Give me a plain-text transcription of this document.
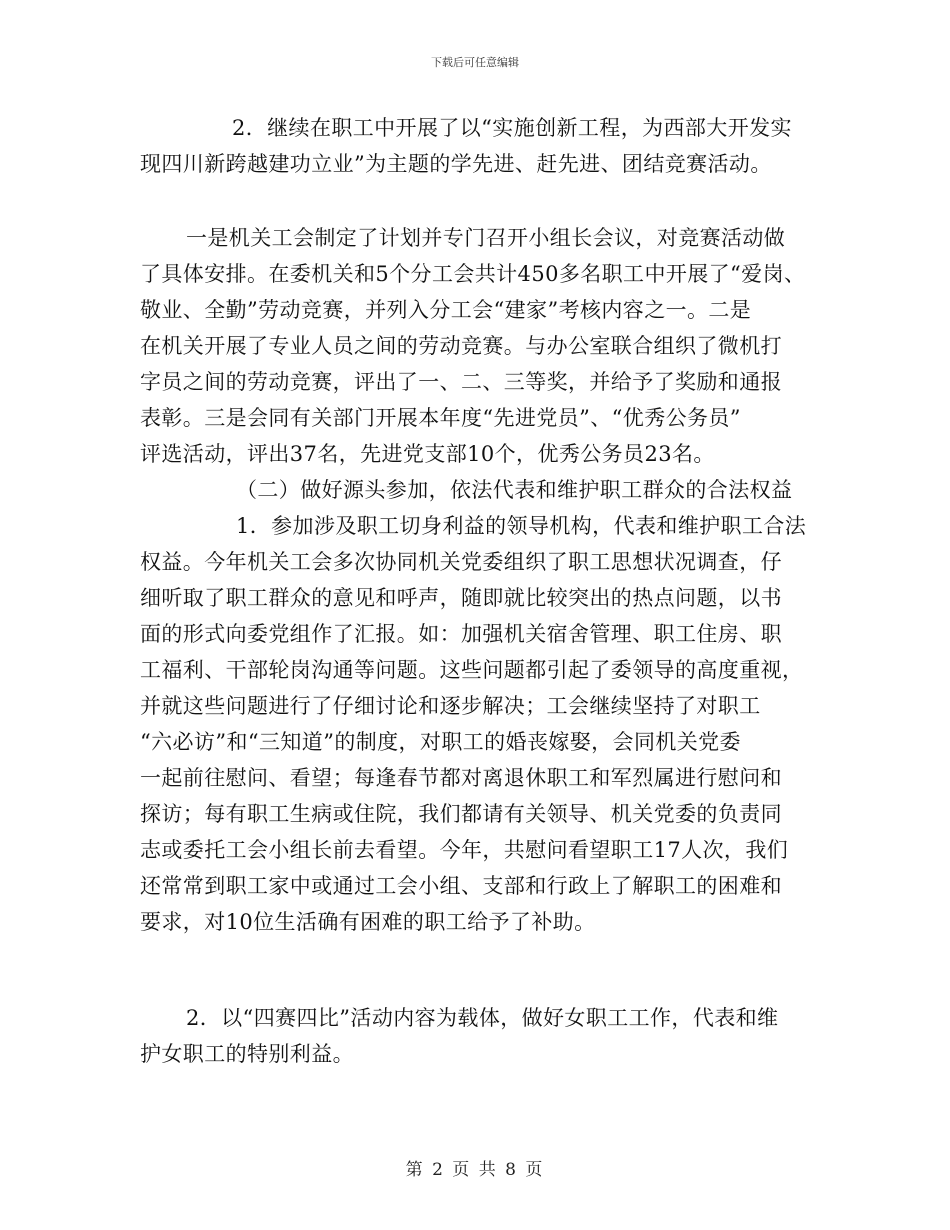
下载后可任意编辑
2．继续在职工中开展了以“实施创新工程，为西部大开发实
现四川新跨越建功立业”为主题的学先进、赶先进、团结竞赛活动。
一是机关工会制定了计划并专门召开小组长会议，对竞赛活动做
了具体安排。在委机关和5个分工会共计450多名职工中开展了“爱岗、
敬业、全勤”劳动竞赛，并列入分工会“建家”考核内容之一。二是
在机关开展了专业人员之间的劳动竞赛。与办公室联合组织了微机打
字员之间的劳动竞赛，评出了一、二、三等奖，并给予了奖励和通报
表彰。三是会同有关部门开展本年度“先进党员”、“优秀公务员”
评选活动，评出37名，先进党支部10个，优秀公务员23名。
（二）做好源头参加，依法代表和维护职工群众的合法权益
1．参加涉及职工切身利益的领导机构，代表和维护职工合法
权益。今年机关工会多次协同机关党委组织了职工思想状况调查，仔
细听取了职工群众的意见和呼声，随即就比较突出的热点问题，以书
面的形式向委党组作了汇报。如：加强机关宿舍管理、职工住房、职
工福利、干部轮岗沟通等问题。这些问题都引起了委领导的高度重视，
并就这些问题进行了仔细讨论和逐步解决；工会继续坚持了对职工
“六必访”和“三知道”的制度，对职工的婚丧嫁娶，会同机关党委
一起前往慰问、看望；每逢春节都对离退休职工和军烈属进行慰问和
探访；每有职工生病或住院，我们都请有关领导、机关党委的负责同
志或委托工会小组长前去看望。今年，共慰问看望职工17人次，我们
还常常到职工家中或通过工会小组、支部和行政上了解职工的困难和
要求，对10位生活确有困难的职工给予了补助。
2．以“四赛四比”活动内容为载体，做好女职工工作，代表和维
护女职工的特别利益。
第 2 页 共 8 页
